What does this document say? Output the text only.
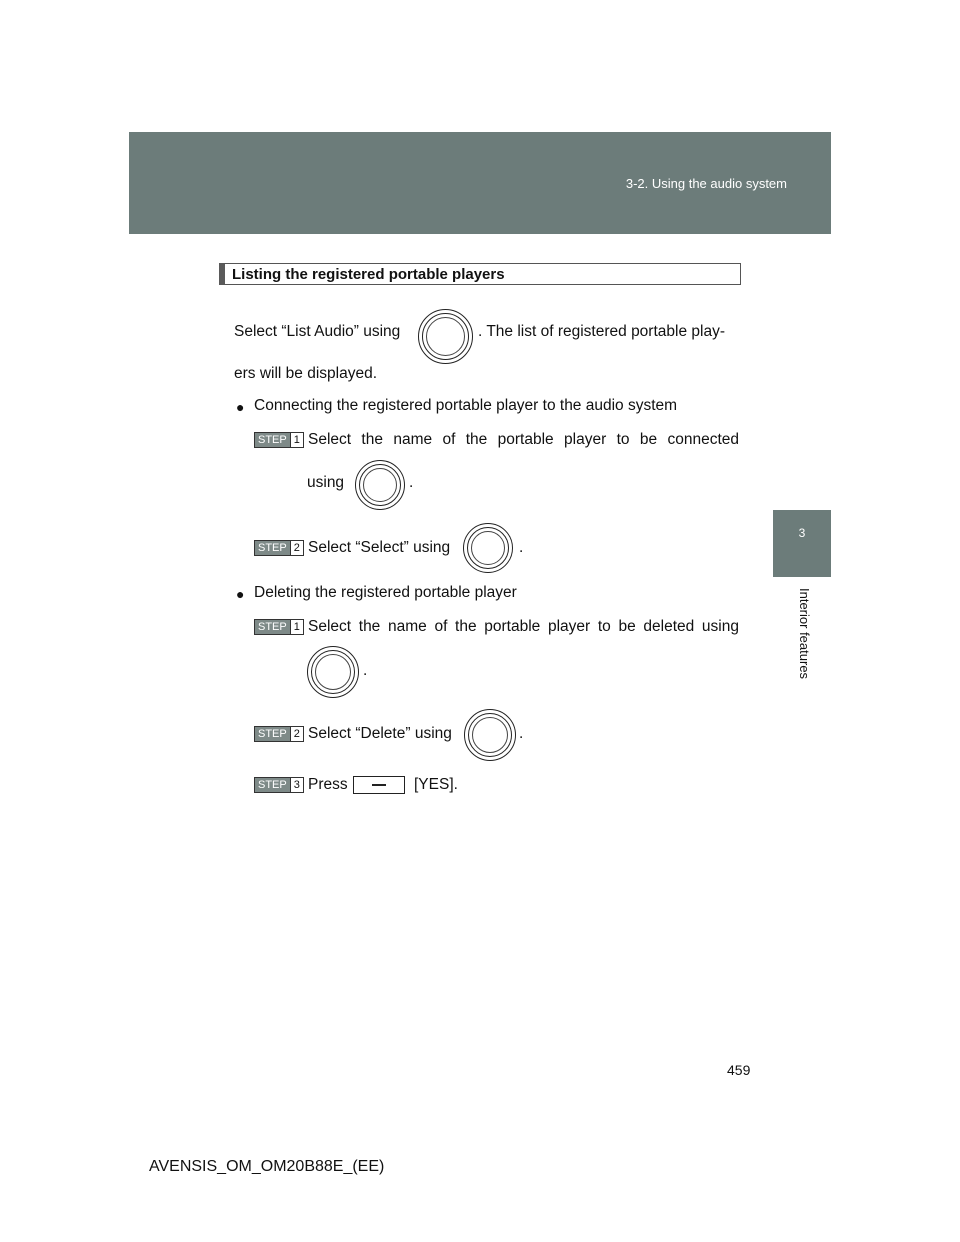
3-2. Using the audio system
3
Interior features
Listing the registered portable players
Select “List Audio” using	. The list of registered portable play-
ers will be displayed.
● Connecting the registered portable player to the audio system
STEP 1 Select the name of the portable player to be connected
using	.
STEP 2 Select “Select” using	.
● Deleting the registered portable player
STEP 1 Select the name of the portable player to be deleted using
.
STEP 2 Select “Delete” using	.
STEP 3 Press	[YES].
459
AVENSIS_OM_OM20B88E_(EE)
